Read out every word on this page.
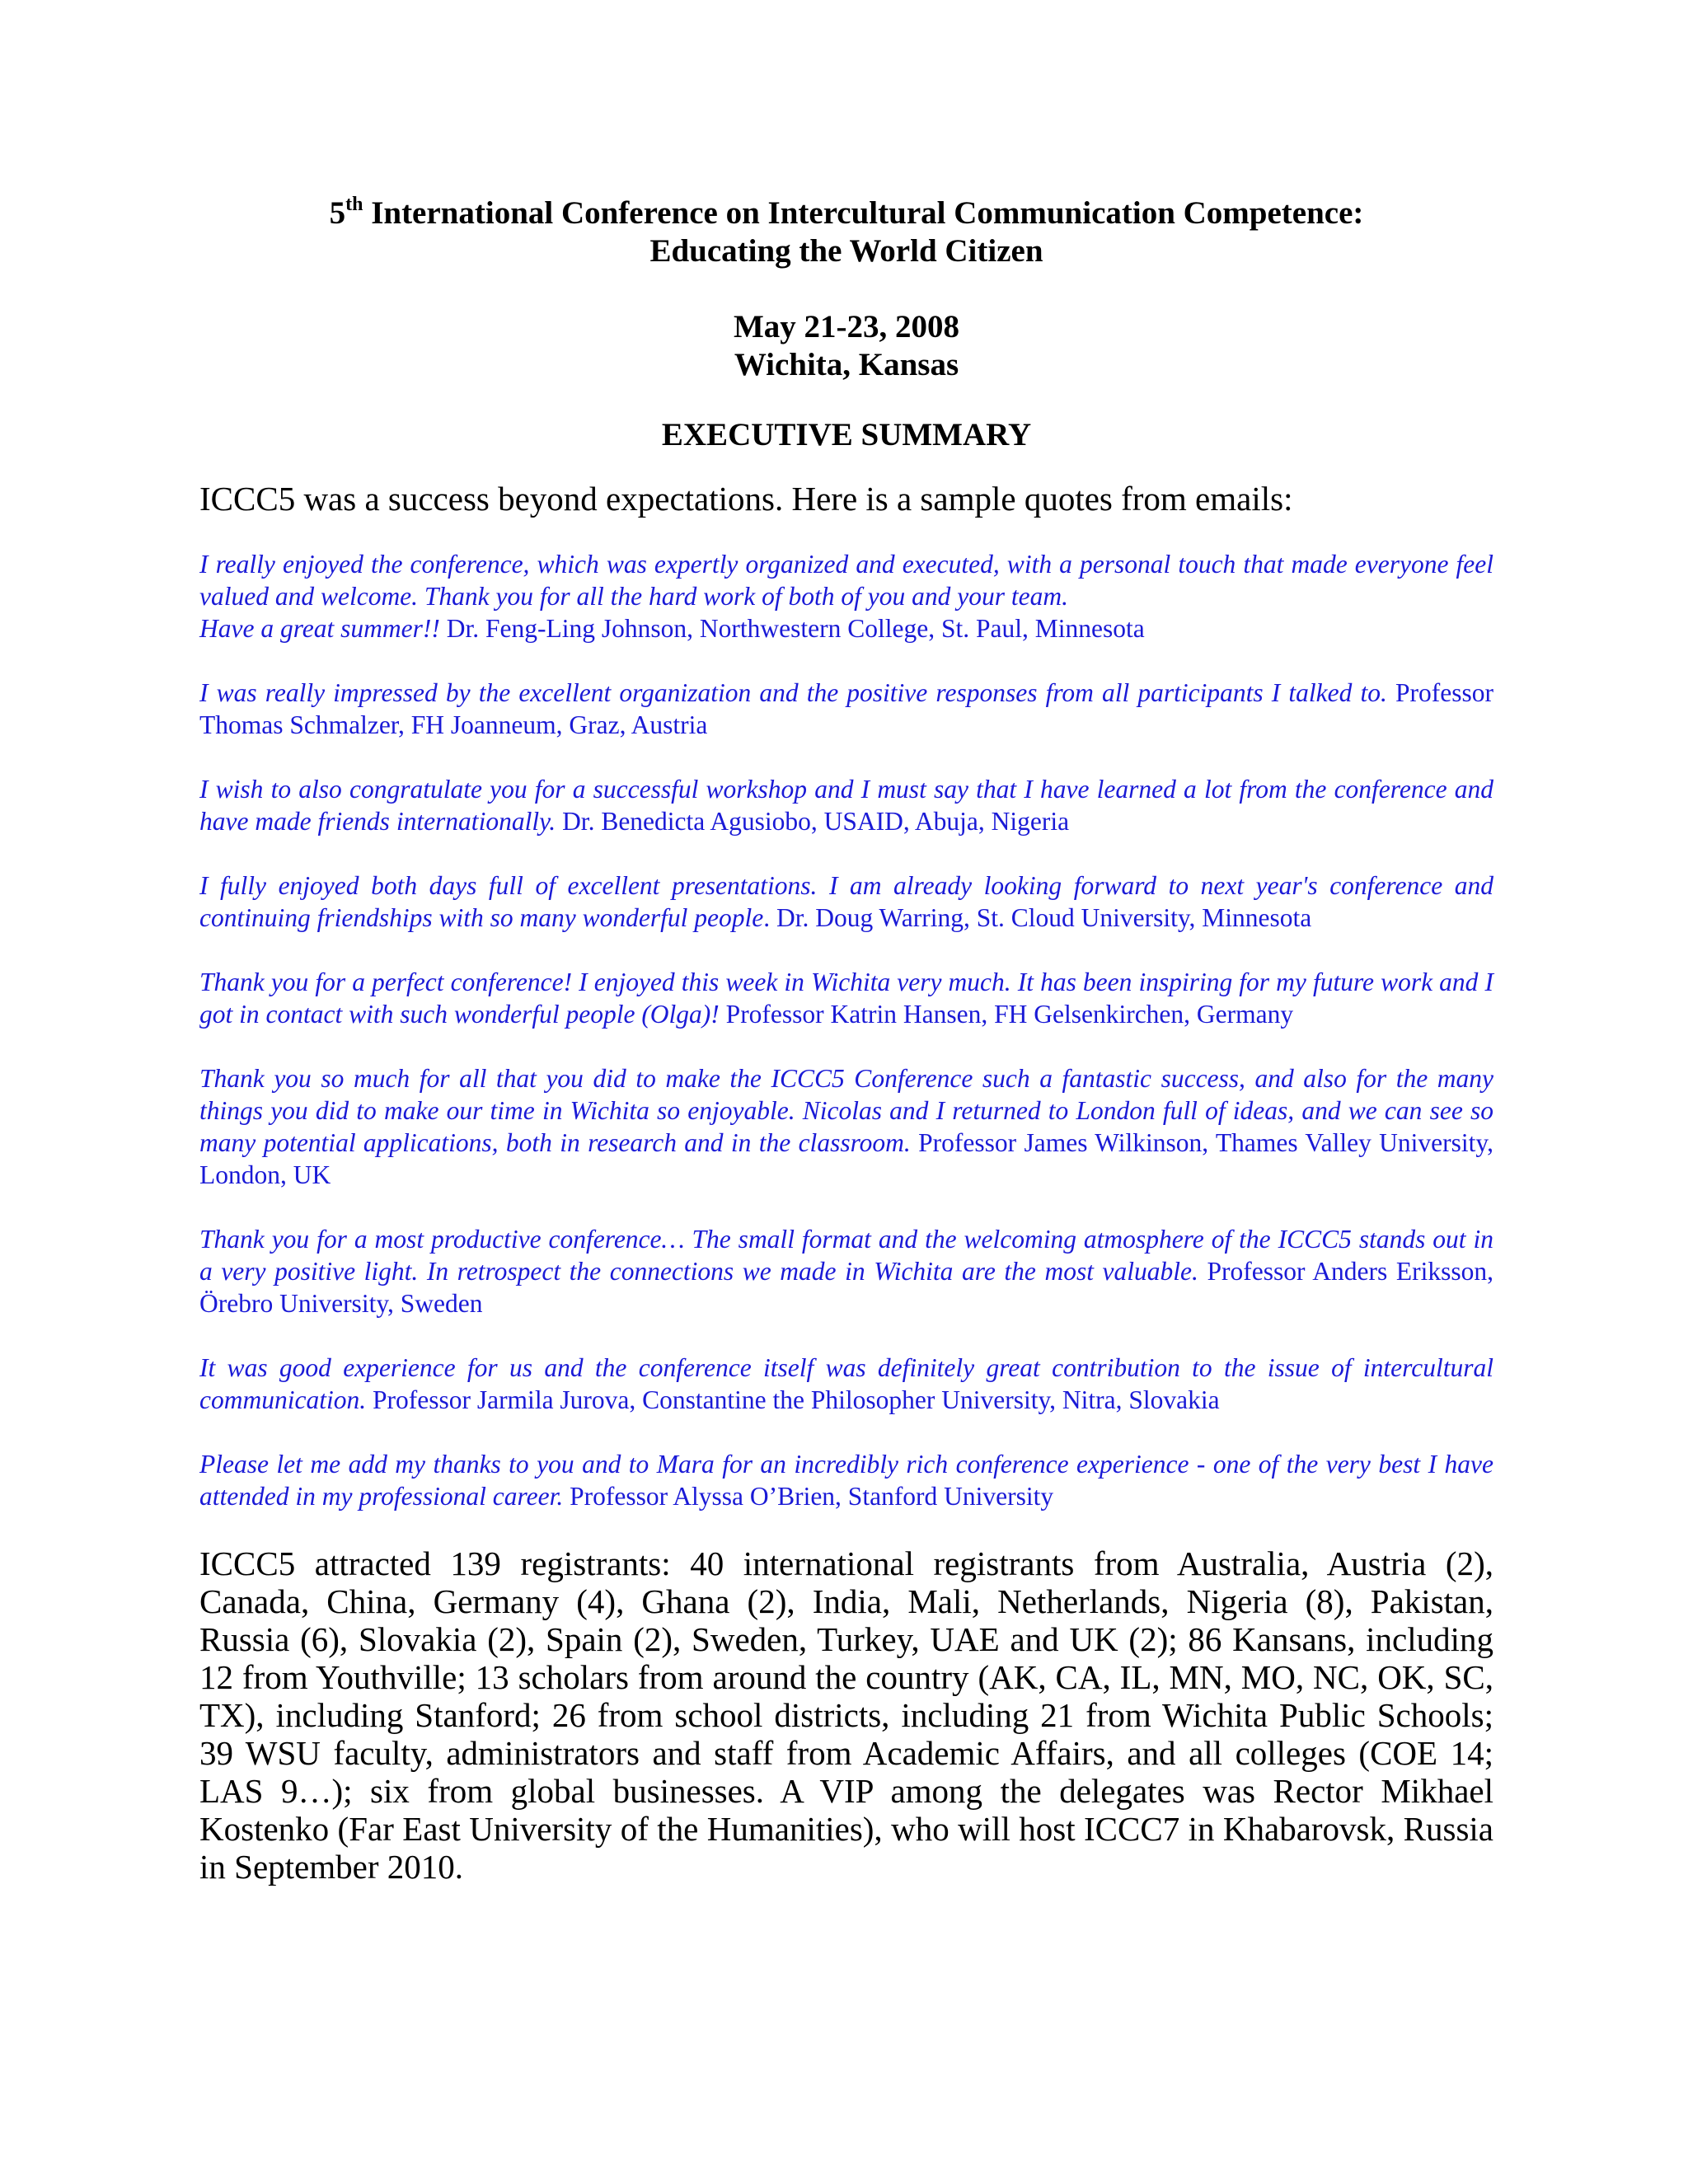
5th International Conference on Intercultural Communication Competence:

Educating the World Citizen

May 21-23, 2008

Wichita, Kansas

EXECUTIVE SUMMARY

ICCC5 was a success beyond expectations. Here is a sample quotes from emails:

I really enjoyed the conference, which was expertly organized and executed, with a personal touch that made everyone feel valued and welcome. Thank you for all the hard work of both of you and your team.
Have a great summer!! Dr. Feng-Ling Johnson, Northwestern College, St. Paul, Minnesota

I was really impressed by the excellent organization and the positive responses from all participants I talked to. Professor Thomas Schmalzer, FH Joanneum, Graz, Austria

I wish to also congratulate you for a successful workshop and I must say that I have learned a lot from the conference and have made friends internationally. Dr. Benedicta Agusiobo, USAID, Abuja, Nigeria

I fully enjoyed both days full of excellent presentations. I am already looking forward to next year's conference and continuing friendships with so many wonderful people. Dr. Doug Warring, St. Cloud University, Minnesota

Thank you for a perfect conference! I enjoyed this week in Wichita very much. It has been inspiring for my future work and I got in contact with such wonderful people (Olga)! Professor Katrin Hansen, FH Gelsenkirchen, Germany

Thank you so much for all that you did to make the ICCC5 Conference such a fantastic success, and also for the many things you did to make our time in Wichita so enjoyable. Nicolas and I returned to London full of ideas, and we can see so many potential applications, both in research and in the classroom. Professor James Wilkinson, Thames Valley University, London, UK

Thank you for a most productive conference… The small format and the welcoming atmosphere of the ICCC5 stands out in a very positive light. In retrospect the connections we made in Wichita are the most valuable. Professor Anders Eriksson, Örebro University, Sweden

It was good experience for us and the conference itself was definitely great contribution to the issue of intercultural communication. Professor Jarmila Jurova, Constantine the Philosopher University, Nitra, Slovakia

Please let me add my thanks to you and to Mara for an incredibly rich conference experience - one of the very best I have attended in my professional career. Professor Alyssa O’Brien, Stanford University

ICCC5 attracted 139 registrants: 40 international registrants from Australia, Austria (2), Canada, China, Germany (4), Ghana (2), India, Mali, Netherlands, Nigeria (8), Pakistan, Russia (6), Slovakia (2), Spain (2), Sweden, Turkey, UAE and UK (2); 86 Kansans, including 12 from Youthville; 13 scholars from around the country (AK, CA, IL, MN, MO, NC, OK, SC, TX), including Stanford; 26 from school districts, including 21 from Wichita Public Schools; 39 WSU faculty, administrators and staff from Academic Affairs, and all colleges (COE 14; LAS 9…); six from global businesses. A VIP among the delegates was Rector Mikhael Kostenko (Far East University of the Humanities), who will host ICCC7 in Khabarovsk, Russia in September 2010.
